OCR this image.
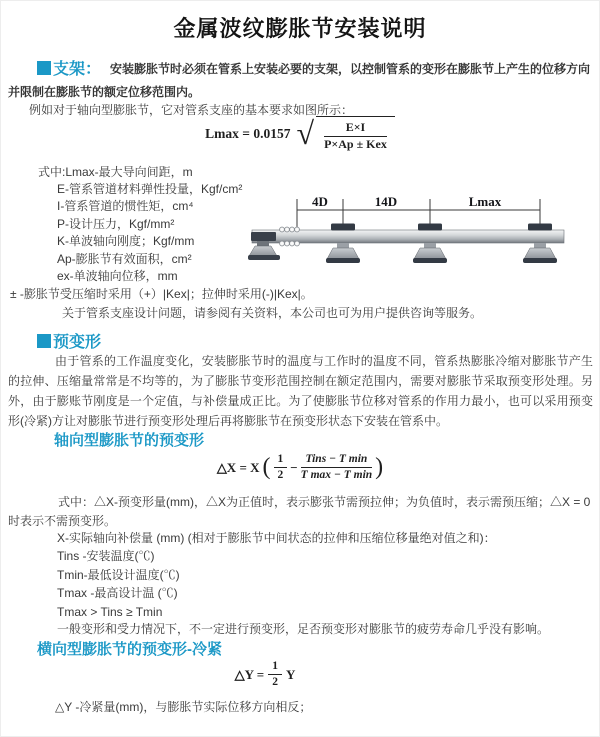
金属波纹膨胀节安装说明
支架： 安装膨胀节时必须在管系上安装必要的支架，以控制管系的变形在膨胀节上产生的位移方向并限制在膨胀节的额定位移范围内。
例如对于轴向型膨胀节，它对管系支座的基本要求如图所示：
Lmax = 0.0157 √ $\frac{E\times I}{\text{P×Ap ± Kex}}$
式中:Lmax-最大导向间距，m
E-管系管道材料弹性投量，Kgf/cm²
I-管系管道的惯性矩，cm⁴
P-设计压力，Kgf/mm²
K-单波轴向刚度；Kgf/mm
Ap-膨胀节有效面积，cm²
ex-单波轴向位移，mm
± -膨胀节受压缩时采用（+）|Kex|；拉伸时采用(-)|Kex|。
关于管系支座设计问题，请参阅有关资料，本公司也可为用户提供咨询等服务。
4D	14D	Lmax
预变形
由于管系的工作温度变化，安装膨胀节时的温度与工作时的温度不同，管系热膨胀冷缩对膨胀节产生的拉伸、压缩量常常是不均等的，为了膨胀节变形范围控制在额定范围内，需要对膨胀节采取预变形处理。另外，由于膨账节刚度是一个定值，与补偿量成正比。为了使膨胀节位移对管系的作用力最小，也可以采用预变形(冷紧)方让对膨胀节进行预变形处理后再将膨胀节在预变形状态下安装在管系中。
轴向型膨胀节的预变形
△X = X ( $\frac{1}{2} - \frac{\text{Tins − T min}}{\text{T max − T min}}$ )
式中：△X-预变形量(mm)，△X为正值时，表示膨张节需预拉伸；为负值时，表示需预压缩；△X = 0时表示不需预变形。
X-实际轴向补偿量 (mm) (相对于膨胀节中间状态的拉伸和压缩位移量绝对值之和)：
Tins -安装温度(℃)
Tmin-最低设计温度(℃)
Tmax -最高设计温 (℃)
Tmax > Tins ≥ Tmin
一般变形和受力情况下，不一定进行预变形，足否预变形对膨胀节的疲劳寿命几乎没有影响。
横向型膨胀节的预变形-冷紧
△Y = $\frac{1}{2}$ Y
△Y -冷紧量(mm)，与膨胀节实际位移方向相反；
